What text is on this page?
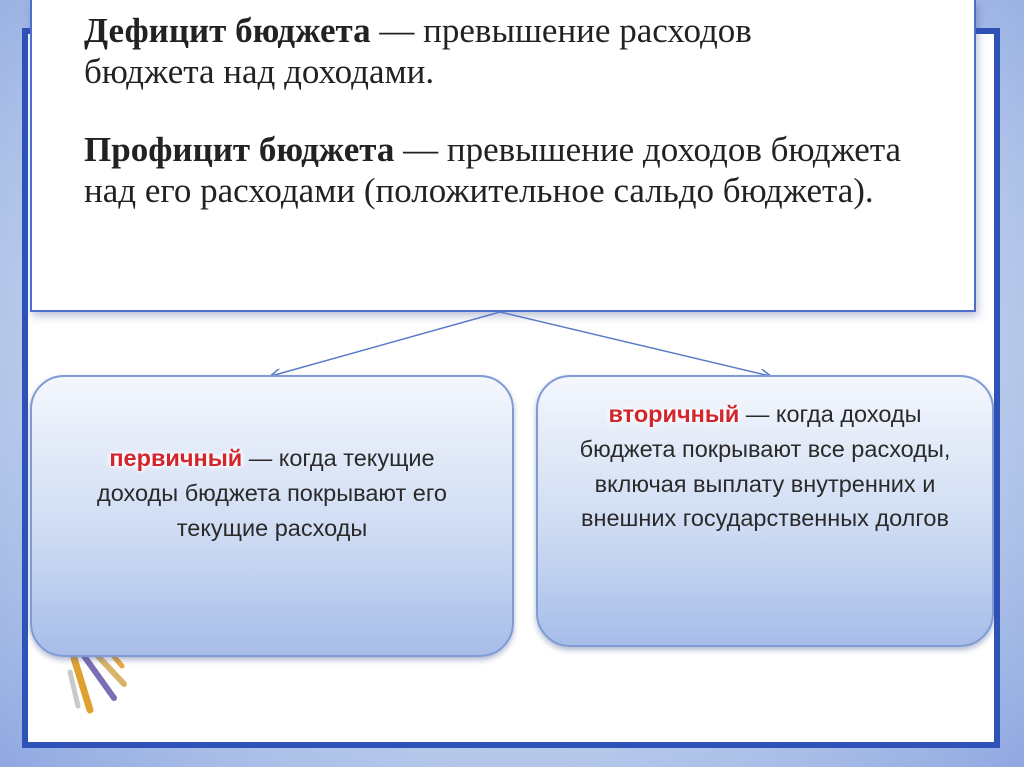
Дефицит бюджета — превышение расходов бюджета над доходами.

Профицит бюджета — превышение доходов бюджета над его расходами (положительное сальдо бюджета).

первичный — когда текущие доходы бюджета покрывают его текущие расходы

вторичный — когда доходы бюджета покрывают все расходы, включая выплату внутренних и внешних государственных долгов
